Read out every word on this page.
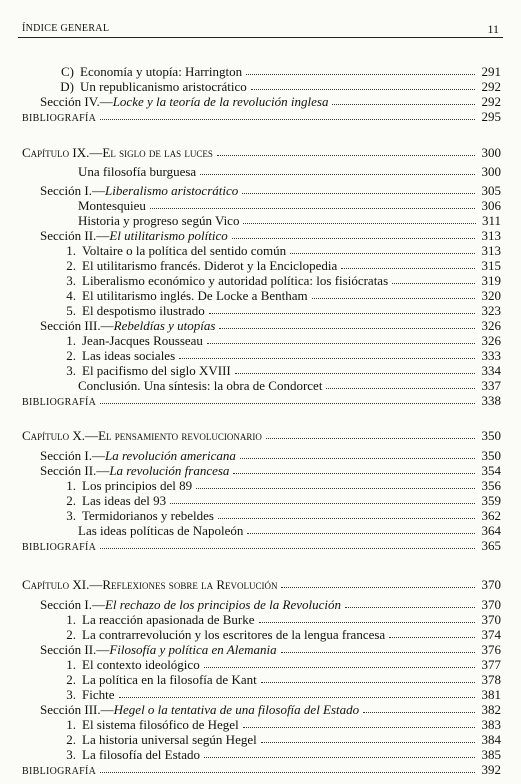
ÍNDICE GENERAL	11
C) Economía y utopía: Harrington	291
D) Un republicanismo aristocrático	292
Sección IV.—Locke y la teoría de la revolución inglesa	292
BIBLIOGRAFÍA	295
Capítulo IX.—El siglo de las luces	300
Una filosofía burguesa	300
Sección I.—Liberalismo aristocrático	305
Montesquieu	306
Historia y progreso según Vico	311
Sección II.—El utilitarismo político	313
1. Voltaire o la política del sentido común	313
2. El utilitarismo francés. Diderot y la Enciclopedia	315
3. Liberalismo económico y autoridad política: los fisiócratas	319
4. El utilitarismo inglés. De Locke a Bentham	320
5. El despotismo ilustrado	323
Sección III.—Rebeldías y utopías	326
1. Jean-Jacques Rousseau	326
2. Las ideas sociales	333
3. El pacifismo del siglo XVIII	334
Conclusión. Una síntesis: la obra de Condorcet	337
BIBLIOGRAFÍA	338
Capítulo X.—El pensamiento revolucionario	350
Sección I.—La revolución americana	350
Sección II.—La revolución francesa	354
1. Los principios del 89	356
2. Las ideas del 93	359
3. Termidorianos y rebeldes	362
Las ideas políticas de Napoleón	364
BIBLIOGRAFÍA	365
Capítulo XI.—Reflexiones sobre la Revolución	370
Sección I.—El rechazo de los principios de la Revolución	370
1. La reacción apasionada de Burke	370
2. La contrarrevolución y los escritores de la lengua francesa	374
Sección II.—Filosofía y política en Alemania	376
1. El contexto ideológico	377
2. La política en la filosofía de Kant	378
3. Fichte	381
Sección III.—Hegel o la tentativa de una filosofía del Estado	382
1. El sistema filosófico de Hegel	383
2. La historia universal según Hegel	384
3. La filosofía del Estado	385
BIBLIOGRAFÍA	392
